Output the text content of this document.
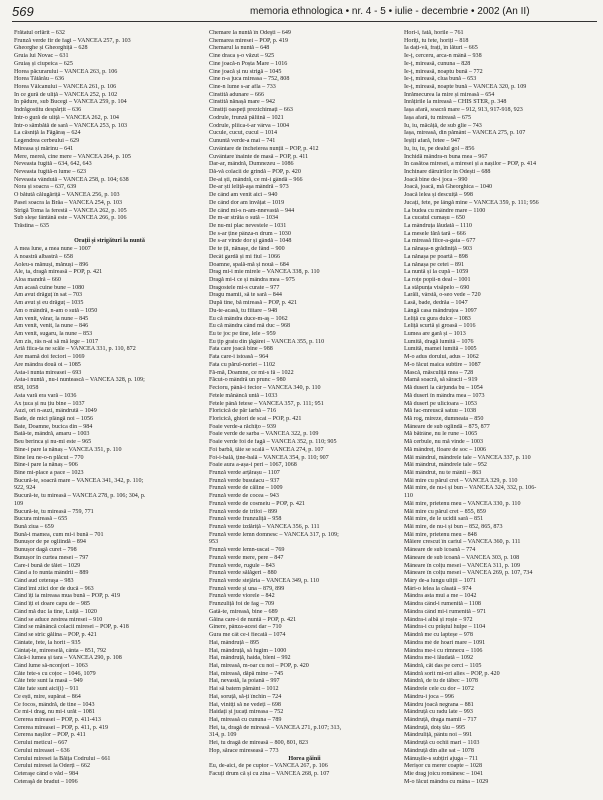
569	memoria ethnologica • nr. 4 - 5 • iulie - decembrie • 2002 (An II)
Frătatul orfărit – 632
Frunză verde fir de fagi – VANCEA 257, p. 103
Gheorghe și Gheorghiță – 628
Gruia lui Novac – 631
Gruiaș și ciupeica – 625
Horea păcurarului – VANCEA 263, p. 106
Horea Tătărău – 636
Horea Vălcanului – VANCEA 261, p. 106
În ce gură de uliță – VANCEA 252, p. 102
În pădure, sub Bucegi – VANCEA 259, p. 104
Îndrăgostitu despărțit – 636
Într-o gură de uliță – VANCEA 262, p. 104
Într-o sămbătă de sară – VANCEA 253, p. 103
La căsniță la Făgăraș – 624
Legendrea cerbeului – 629
Mireasa și mărinu – 641
Mere, mereă, cine mere – VANCEA 264, p. 105
Neveasta fugită – 634, 642, 643
Neveasta fugită-n lume – 623
Neveasta vândută – VANCEA 258, p. 104; 638
Nora și soacra – 637, 639
O bătută călugăriță – VANCEA 256, p. 103
Pasei soacra la Brăa – VANCEA 254, p. 103
Strigă Toma la ferestă – VANCEA 262, p. 105
Sub sleșe fântână este – VANCEA 266, p. 106
Trăstina – 635

Orații și strigături la nuntă
A mea lune, a mea nune – 1007
A noastră albastră – 658
Aoleu-s mănuși, mănuși – 896
Ale, ta, dragă mireasă – POP, p. 421
Aloa mandră – 660
Am acasă cuine bune – 1080
Am avut drăguț în sat – 703
Am avut și eu drăguț – 1035
Am o mândră, n-am o sută – 1050
Am venit, vărar, la nune – 845
Am venit, venit, la nune – 846
Am venit, sugaru, la nune – 853
Am zis, râs n-ai să mă lege – 1017
Ariă fiica-ta ne scăle – VANCEA 331, p. 110, 872
Are mamă doi feciori – 1069
Are mândra două oi – 1085
Asta-i nunta mireasei – 693
Asta-i nuntă , nu-i nuntească – VANCEA 328, p. 109;
858, 1058
Asta vară era vară – 1036
Ax țuca și nu țiu bine – 1037
Auzi, ori n-auzi, mândrută – 1049
Bade, de mici plângă noi – 1056
Bate, Doamne, bucica din – 984
Bată-te, mândră, amaru – 1003
Beu berinca și nu-mi este – 965
Bine-i pare la nănaș – VANCEA 351, p. 110
Bine leu ne-o-n plăcut – 770
Bine-i pare la nănaș – 906
Bine mi-place a pace – 1023
Bucură-te, soacră mare – VANCEA 341, 342, p. 110;
922, 924
Bucură-te, tu mireasă – VANCEA 278, p. 106; 304, p.
109
Bucură-te, tu mireasă – 759, 771
Bucura mireasă – 655
Bună ziua – 659
Bună-i mamea, cum mi-i bună – 701
Bunușor de pe ogliindă – 894
Bunușor dagă curet – 798
Bunușor în curtea mesei – 797
Care-i bună de tăiet – 1029
Când a fo nunta mândrii – 889
Când aud ceteraşa – 983
Când îmi ziici dor de ducă – 963
Când îți ia mireasa mua bună – POP, p. 419
Când îți ei doare capu de – 985
Când mă duc la tine, Luiță – 1020
Când se aduce zestrea miresei – 910
Când se mănâncă colacii miresei – POP, p. 418
Când se stric gălina – POP, p. 421
Cântate, fete, la horit – 935
Cântaț-te, mireeselă, cânta – 851, 792
Căcă-i lumea și tara – VANCEA 290, p. 108
Când lume să-nconjori – 1063
Căte fete-s cu coțoc – 1046, 1079
Căte fete sunt la masă – 949
Căte fate sunt aici(i) – 911
Ce ești, mire, supărat – 864
Ce focos, mândră, de tine – 1043
Ce mi-i drag, nu mi-i urăt – 1081
Cererea mireasei – POP, p. 411-413
Cererea mireasei – POP, p. 411, p. 419
Cererea nașilor – POP, p. 411
Cerului meticul – 667
Cerului mireasei – 636
Cerului miresei la Băița Codrului – 661
Cerului miresei la Oderți – 662
Ceteraşe când o văd – 984
Ceteraşă de bradut – 1096
Chemare la nuntă în Odeşti – 649
Chemarea miresei – POP, p. 419
Chemarul la nuntă – 648
Cine draca ș-o văzut – 925
Cine joacă-n Poșta Mare – 1016
Cine joacă și nu strigă – 1045
Cine n-a juca mireasa – 752, 808
Cine-n lume s-ar afla – 733
Cinstită adunare – 666
Cinstită nănașă mare – 942
Cinstiți oaspeți prezichimați – 663
Codrule, frunză păliină – 1021
Codrule, pliica-t-ar vârva – 1004
Cucule, cucut, cucul – 1014
Cununtă verde-a mai – 741
Cuvântare de încheierea nunții – POP, p. 412
Cuvântare înainte de masă – POP, p. 411
Dar-ar, mândră, Dumnezeu – 1086
Dă-vă colacii de grindă – POP, p. 420
De-ai ști, mândră, ce mi-i gândă – 966
De-ar ști leliță-aşa mândră – 973
De când am venit aici – 940
De când dor am învățat – 1019
De când mi-s n-am-nnevastă – 944
De m-ar străta o sută – 1034
De nu-mi plac nevestele – 1031
De s-ar ține pânza-n drum – 1030
De s-ar vinde dor și gândă – 1048
De te ții, nănașe, de fând – 900
Decât gardă și mi fiul – 1066
Doamne, spală-mă și nouă – 684
Drag mi-i mie mirele – VANCEA 338, p. 110
Dragă mi-i ce și mândra mea – 975
Dragostele mi-s curate – 977
Dragu mamii, să te sară – 844
După tine, bă mireasă – POP, p. 421
Du-te-acasă, tu fiitare – 948
Eu că mândra duce-m-aş – 1062
Eu că mândra când mă duc – 968
Eu te joc pe tine, lele – 959
Eu țip graiu din ţăgârei – VANCEA 355, p. 110
Fata care joacă bine – 988
Fata care-i istoasă – 964
Fata cu părul-noriet – 1102
Fă-mă, Doamne, ce mi-s fă – 1022
Făcut-o mândră un prunc – 980
Fecioru, până-i fecior – VANCEA 340, p. 110
Fetele mănâncă untă – 1033
Fetele până fetese – VANCEA 357, p. 111; 951
Floricică de păr iarbă – 716
Floricică, ghiori de scai – POP, p. 421
Foaie verde-a răchițo – 939
Foaie verde de sarba – VANCEA 322, p. 109
Foaie verde foi de fagă – VANCEA 352, p. 110; 905
Foi barbă, tăie se scală – VANCEA 274, p. 107
Foi-i-bală, ține-bală – VANCEA 354, p. 110; 907
Foaie aura a-așa-i peri – 1067, 1068
Frunză verde arțărașu – 1107
Frunză verde busuiacu – 937
Frunză verde de căline – 1009
Frunză verde de cocea – 943
Frunză verde de cosmeiu – POP, p. 421
Frunză verde de trifoi – 899
Frunză verde frunzuliță – 958
Frunză verde izdăriță – VANCEA 356, p. 111
Frunză verde lemn domnesc – VANCEA 317, p. 109;
953
Frunză verde lemn-uscat – 769
Frunză verde mere, pere – 847
Frunză verde, rugule – 843
Frunză verde sălăgeri – 880
Frunză verde stejăria – VANCEA 349, p. 110
Frunză verde și una – 879, 899
Frunză verde viorele – 842
Frunzuliță foi de fag – 709
Gată-te, mireasă, bine – 689
Găina care-i de nuntă – POP, p. 421
Ginere, pânza-acest dar – 710
Gura me cât ce-i fiecată – 1074
Hai, mândruță – 895
Hai, mândruță, să fugim – 1000
Hai, mândruță, haida, bleni – 992
Hai, mireasă, m-oar cu noi – POP, p. 420
Hai, mireasă, dăpă mine – 745
Hai, nevastă, la poiană – 997
Hai să batem pământ – 1012
Hai, soruță, să-ți închin – 724
Hai, vinitți să ne vedeți – 698
Haidați și jucați mireasa – 752
Hai, mireasă cu cununa – 789
Hei, ta, dragă de mireasă – VANCEA 271, p.107; 313,
314, p. 109
Hei, tu dragă de mireasă – 800, 801, 823
Hop, sărace mireseasă – 773
Horea găinii
Eu, de-aici, de pe cuptor – VANCEA 267, p. 106
Facuți drum că și cu zina – VANCEA 268, p. 107
Hori-i, fată, horile – 761
Horiți, tu fete, horiți – 818
Ia dați-vă, frați, în lături – 665
Ie-ț, cerceru, arca-n mână – 938
Ie-ț, mireasă, cununa – 828
Ie-ț, mireasă, noaptu bună – 772
Ie-ț, mireasă, clua bună – 653
Ie-ț, mireasă, noapte bună – VANCEA 320, p. 109
Înrămecurea la mire și mireasă – 654
Înrățirile la mireasă – CHIS STER, p. 348
Iașa afară, soacră mare – 912, 913, 917-918, 923
Iașa afară, tu mireasă – 675
Iu, iu, măcăță, de sub glie – 743
Iașa, mireasă, din pământ – VANCEA 275, p. 107
Ieșiți afară, fetee – 947
Iu, iu, iu, pe dealul gol – 856
Închidă mândra-n buna mea – 967
În casătoa miresei, a miresei și a nașilor – POP, p. 414
Închinare dăruirilor în Odești – 688
Joacă bine de-i joca – 990
Joacă, joacă, mă Gheorghica – 1040
Joacă lelea și descuiță – 998
Jucați, fete, pe lângă mine – VANCEA 359, p. 111; 956
La budea cu mândre mare – 1100
La cucatul cumașu – 650
La mândruța lăudată – 1110
La mesele fără tară – 666
La mireasă fiice-a-gata – 677
La nănașa-n grădiniță – 903
La nănașa pe poartă – 898
La nănașa pe cetei – 891
La nuntă și la cupă – 1059
La roțe popii-n deal – 1001
La stăpunța visăpelo – 690
Larăli, vârstă, o-seo vede – 720
Lasă, bade, dedrăa – 1047
Lângă casa mândruțea – 1097
Leliță cu gura dulce – 1083
Leliță scurtă și groasă – 1016
Lumea are gară și – 1013
Lumită, dragă lumită – 1076
Lumită, mamei lumită – 1005
M-o adus dorului, adus – 1062
M-o făcut maica subtire – 1087
Mască, măsculiță mea – 728
Mamă soacră, să săracii – 919
Mă duseri la cârjunda bu – 1054
Mă duseri în mândra mea – 1073
Mă duseri pe ulicioara – 1053
Mă fac-mreuscă satuu – 1038
Mă rog, mireze, dumneata – 850
Mâneare de sub oglindă – 875, 877
Mă bătrâne, nu le rune – 1065
Mă cerbule, nu mă vinde – 1003
Mă mândreț, floare de soc – 1006
Măi mândrul, mândrele tale – VANCEA 337, p. 110
Măi mândrut, mândrele tale – 952
Măi mândrut, nu te mânii – 863
Măi mire cu părul cret – VANCEA 329, p. 110
Măi mire, de nu-i și bun – VANCEA 324, 332, p. 106-
110
Măi mire, prietenu meu – VANCEA 330, p. 110
Măi mire cu părul cret – 855, 859
Măi mire, de le ucidii sară – 851
Măi mire, de nu-i și bun – 852, 865, 873
Măi mire, prietenu meu – 848
Măiere crescut în cariul – VANCEA 360, p. 111
Mâneare de sub icoană – 774
Mâneare de sub icoană – VANCEA 303, p. 108
Mâneare în colțu mesei – VANCEA 311, p. 109
Mâneare în colțu mesei – VANCEA 269, p. 107, 734
Mâry de-a lungu uliții – 1071
Mâri-o lelea la căsată – 974
Mândra asta mui a me – 1042
Mândra când-i rumenită – 1108
Mândra când mi-i rumenită – 971
Mândra-i albă și roșie – 972
Mândra-i cu prăștul hulpe – 1104
Mândră me cu lapteșe – 978
Mândra mé de hoari mare – 1091
Mândra me-i cu rimnecu – 1106
Mândra me-i lăudată – 1092
Mândră, căt das pe cerci – 1105
Mândră sorit mi-ori alies – POP, p. 420
Mândră, de tu de tăbec – 1078
Mândrele cele cu dor – 1072
Mândru-i joca – 996
Mândru joacă negrana – 881
Mândruță cu radu late – 993
Mândruță, draga mamii – 717
Mândruță, dotș tău – 995
Mândruliță, pântu noi – 991
Mândruță cu ochii mari – 1103
Mândruță din alte sat – 1078
Mânușile-s subțiri ajuga – 711
Merișor cu merer coapte – 1028
Mie drag joicu românesc – 1041
M-o făcut mândra cu mâna – 1029
